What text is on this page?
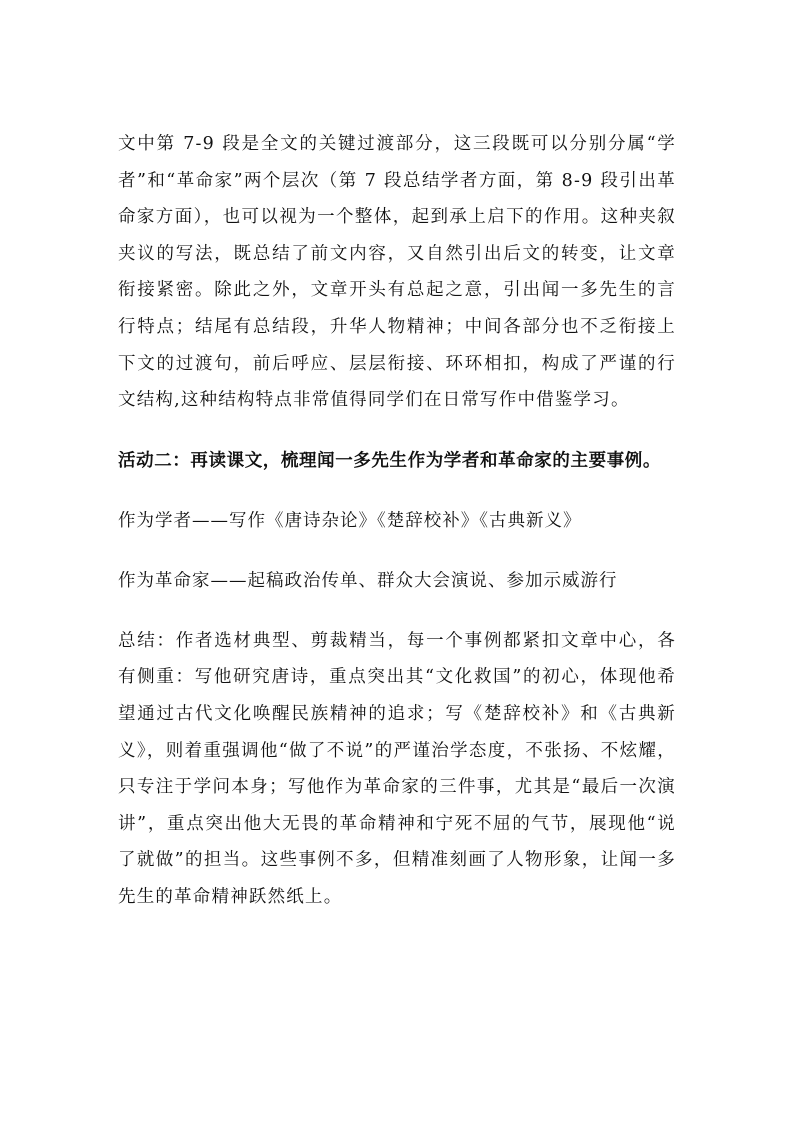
文中第 7-9 段是全文的关键过渡部分，这三段既可以分别分属“学者”和“革命家”两个层次（第 7 段总结学者方面，第 8-9 段引出革命家方面），也可以视为一个整体，起到承上启下的作用。这种夹叙夹议的写法，既总结了前文内容，又自然引出后文的转变，让文章衔接紧密。除此之外，文章开头有总起之意，引出闻一多先生的言行特点；结尾有总结段，升华人物精神；中间各部分也不乏衔接上下文的过渡句，前后呼应、层层衔接、环环相扣，构成了严谨的行文结构,这种结构特点非常值得同学们在日常写作中借鉴学习。

活动二：再读课文，梳理闻一多先生作为学者和革命家的主要事例。

作为学者——写作《唐诗杂论》《楚辞校补》《古典新义》

作为革命家——起稿政治传单、群众大会演说、参加示威游行

总结：作者选材典型、剪裁精当，每一个事例都紧扣文章中心，各有侧重：写他研究唐诗，重点突出其“文化救国”的初心，体现他希望通过古代文化唤醒民族精神的追求；写《楚辞校补》和《古典新义》，则着重强调他“做了不说”的严谨治学态度，不张扬、不炫耀，只专注于学问本身；写他作为革命家的三件事，尤其是“最后一次演讲”，重点突出他大无畏的革命精神和宁死不屈的气节，展现他“说了就做”的担当。这些事例不多，但精准刻画了人物形象，让闻一多先生的革命精神跃然纸上。
